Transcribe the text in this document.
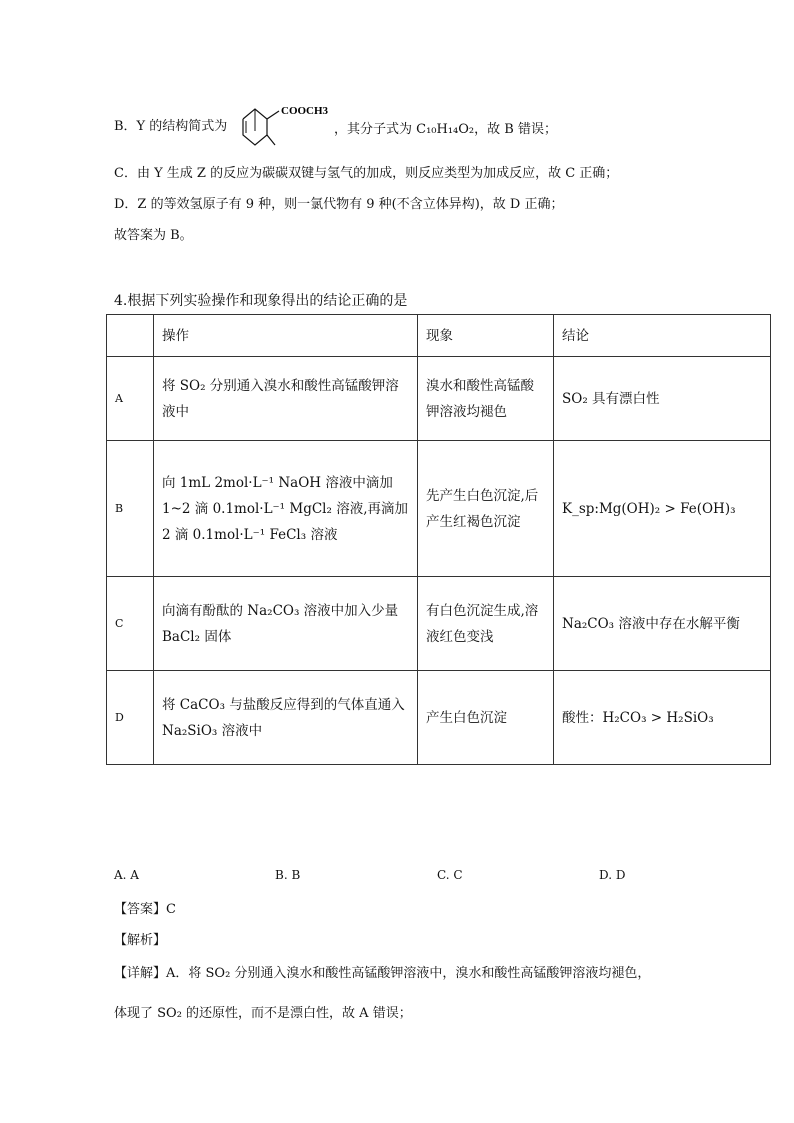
B．Y 的结构简式为
COOCH3
，其分子式为 C₁₀H₁₄O₂，故 B 错误；
C．由 Y 生成 Z 的反应为碳碳双键与氢气的加成，则反应类型为加成反应，故 C 正确；
D．Z 的等效氢原子有 9 种，则一氯代物有 9 种(不含立体异构)，故 D 正确；
故答案为 B。
4.根据下列实验操作和现象得出的结论正确的是
	操作	现象	结论
A	将 SO₂ 分别通入溴水和酸性高锰酸钾溶液中	溴水和酸性高锰酸钾溶液均褪色	SO₂ 具有漂白性
B	向 1mL 2mol·L⁻¹ NaOH 溶液中滴加 1~2 滴 0.1mol·L⁻¹ MgCl₂ 溶液,再滴加 2 滴 0.1mol·L⁻¹ FeCl₃ 溶液	先产生白色沉淀,后产生红褐色沉淀	K_sp:Mg(OH)₂ > Fe(OH)₃
C	向滴有酚酞的 Na₂CO₃ 溶液中加入少量 BaCl₂ 固体	有白色沉淀生成,溶液红色变浅	Na₂CO₃ 溶液中存在水解平衡
D	将 CaCO₃ 与盐酸反应得到的气体直通入 Na₂SiO₃ 溶液中	产生白色沉淀	酸性：H₂CO₃ > H₂SiO₃
A. A	B. B	C. C	D. D
【答案】C
【解析】
【详解】A．将 SO₂ 分别通入溴水和酸性高锰酸钾溶液中，溴水和酸性高锰酸钾溶液均褪色，
体现了 SO₂ 的还原性，而不是漂白性，故 A 错误；
